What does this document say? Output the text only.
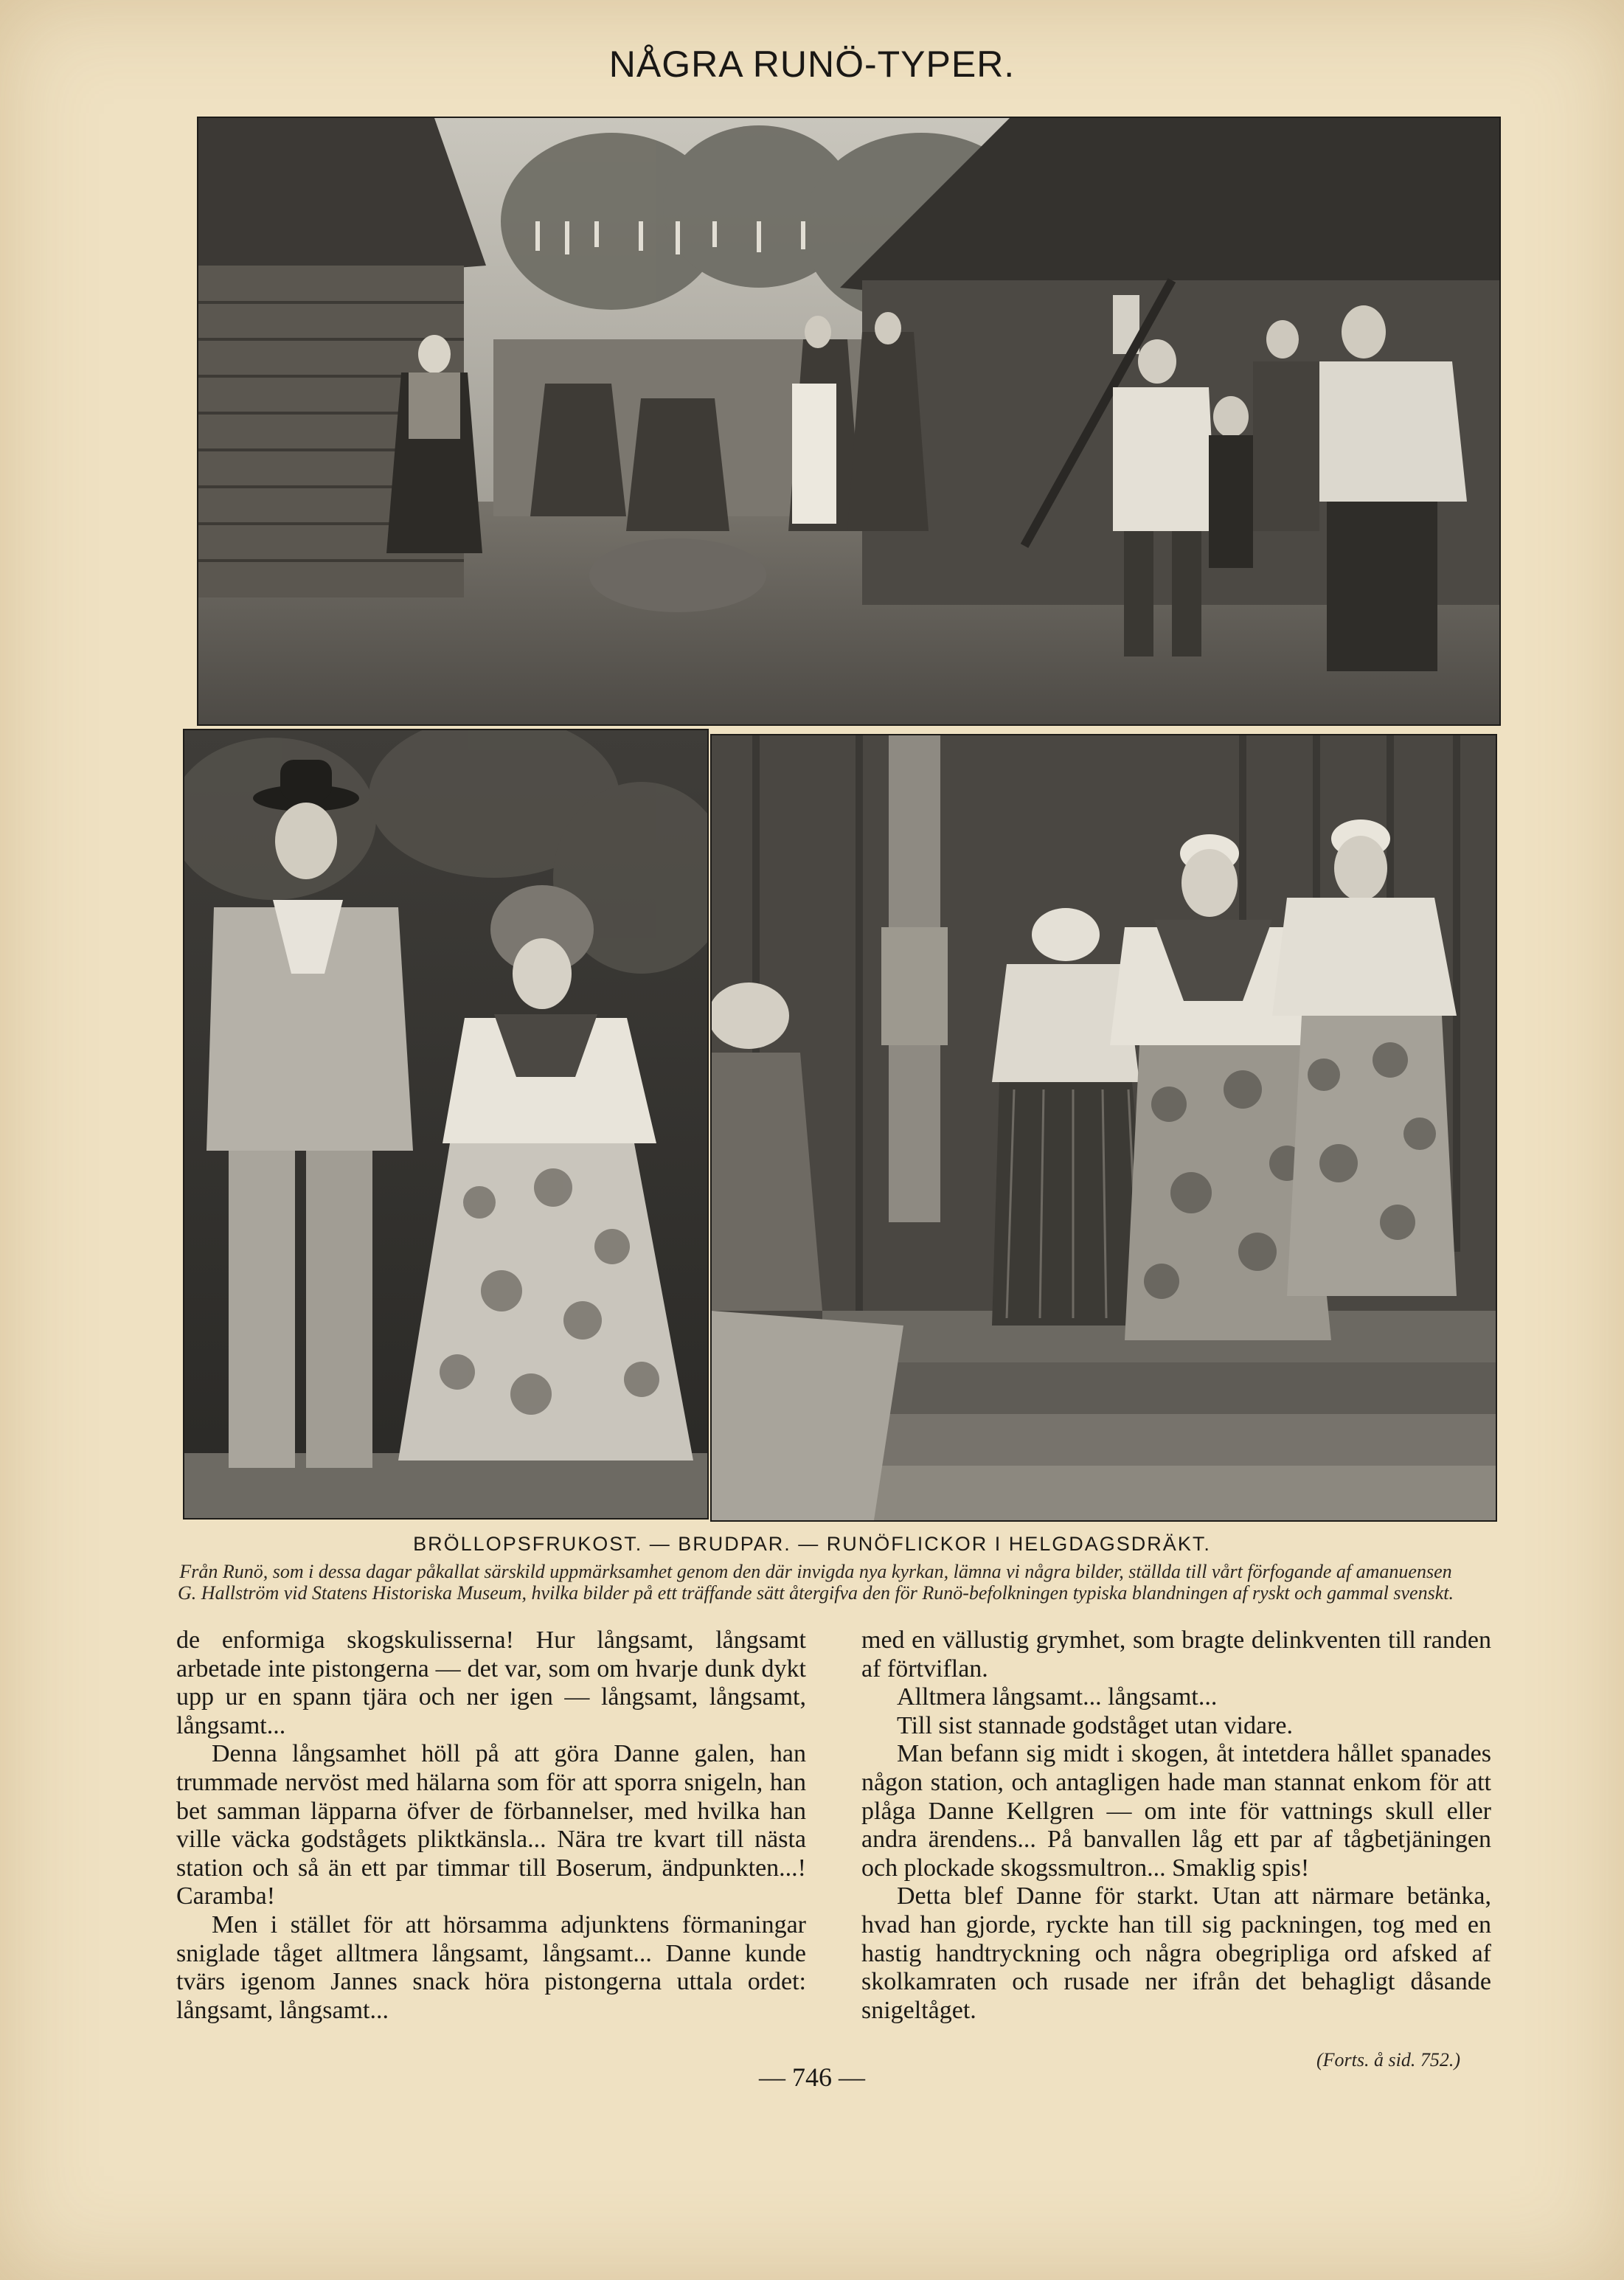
NÅGRA RUNÖ-TYPER.
BRÖLLOPSFRUKOST. — BRUDPAR. — RUNÖFLICKOR I HELGDAGSDRÄKT.
Från Runö, som i dessa dagar påkallat särskild uppmärksamhet genom den där invigda nya kyrkan, lämna vi några bilder, ställda till vårt förfogande af amanuensen G. Hallström vid Statens Historiska Museum, hvilka bilder på ett träffande sätt återgifva den för Runö-befolkningen typiska blandningen af ryskt och gammal svenskt.

de enformiga skogskulisserna! Hur långsamt, långsamt arbetade inte pistongerna — det var, som om hvarje dunk dykt upp ur en spann tjära och ner igen — långsamt, långsamt, långsamt...

Denna långsamhet höll på att göra Danne galen, han trummade nervöst med hälarna som för att sporra snigeln, han bet samman läpparna öfver de förbannelser, med hvilka han ville väcka godstågets pliktkänsla... Nära tre kvart till nästa station och så än ett par timmar till Boserum, ändpunkten...! Caramba!

Men i stället för att hörsamma adjunktens förmaningar sniglade tåget alltmera långsamt, långsamt... Danne kunde tvärs igenom Jannes snack höra pistongerna uttala ordet: långsamt, långsamt...

med en vällustig grymhet, som bragte delinkventen till randen af förtviflan.

Alltmera långsamt... långsamt...

Till sist stannade godståget utan vidare.

Man befann sig midt i skogen, åt intetdera hållet spanades någon station, och antagligen hade man stannat enkom för att plåga Danne Kellgren — om inte för vattnings skull eller andra ärendens... På banvallen låg ett par af tågbetjäningen och plockade skogssmultron... Smaklig spis!

Detta blef Danne för starkt. Utan att närmare betänka, hvad han gjorde, ryckte han till sig packningen, tog med en hastig handtryckning och några obegripliga ord afsked af skolkamraten och rusade ner ifrån det behagligt dåsande snigeltåget.

(Forts. å sid. 752.)
— 746 —
